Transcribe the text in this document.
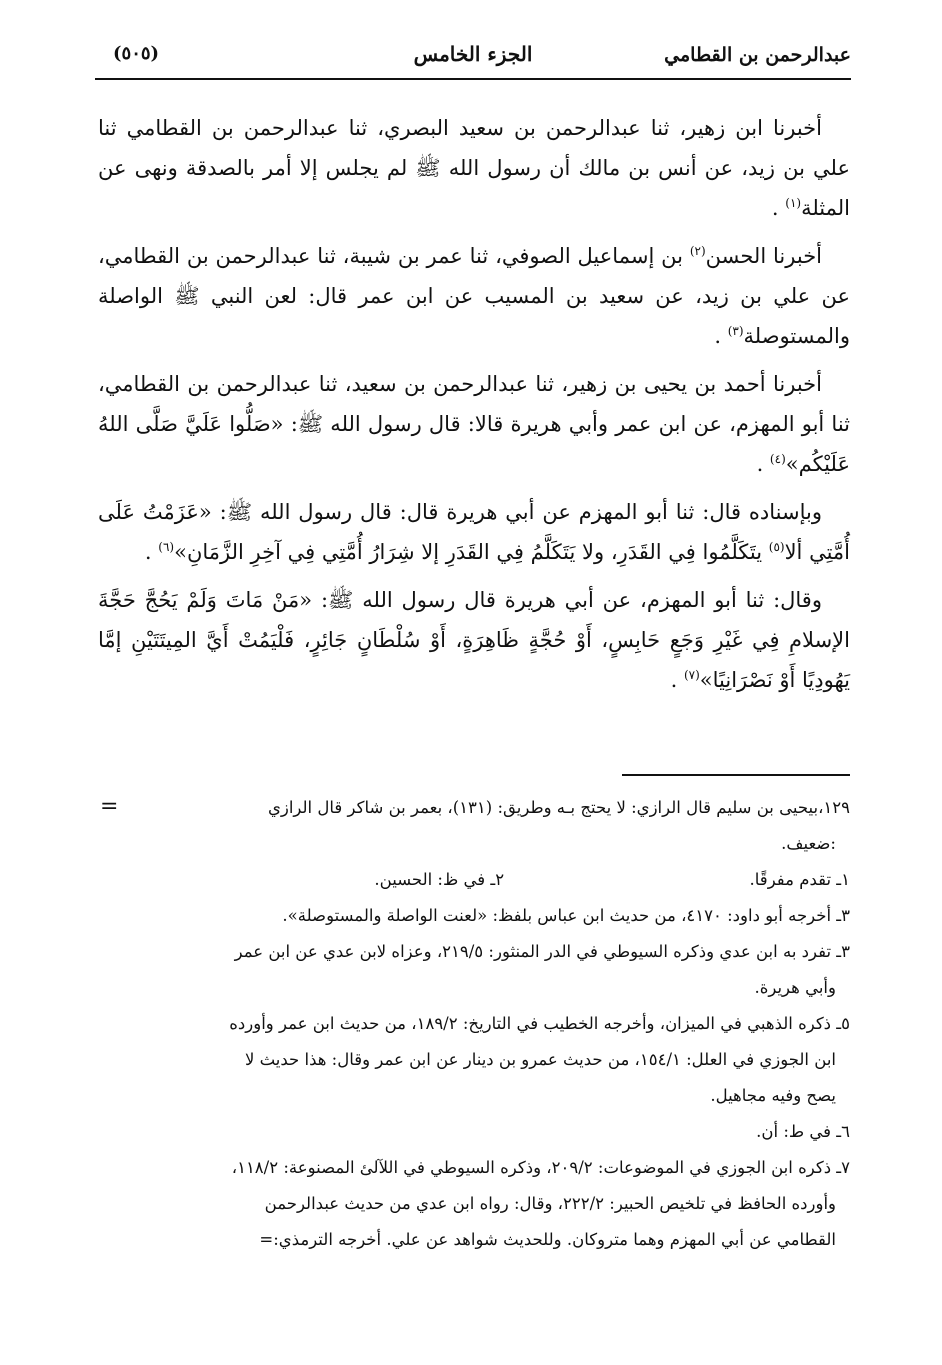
عبدالرحمن بن القطامي
الجزء الخامس
(٥٠٥)

أخبرنا ابن زهير، ثنا عبدالرحمن بن سعيد البصري، ثنا عبدالرحمن بن القطامي ثنا علي بن زيد، عن أنس بن مالك أن رسول الله ﷺ لم يجلس إلا أمر بالصدقة ونهى عن المثلة$^{(١)}$ .

أخبرنا الحسن$^{(٢)}$ بن إسماعيل الصوفي، ثنا عمر بن شيبة، ثنا عبدالرحمن بن القطامي، عن علي بن زيد، عن سعيد بن المسيب عن ابن عمر قال: لعن النبي ﷺ الواصلة والمستوصلة$^{(٣)}$ .

أخبرنا أحمد بن يحيى بن زهير، ثنا عبدالرحمن بن سعيد، ثنا عبدالرحمن بن القطامي، ثنا أبو المهزم، عن ابن عمر وأبي هريرة قالا: قال رسول الله ﷺ: «صَلُّوا عَلَيَّ صَلَّى اللهُ عَلَيْكُم»$^{(٤)}$ .

وبإسناده قال: ثنا أبو المهزم عن أبي هريرة قال: قال رسول الله ﷺ: «عَزَمْتُ عَلَى أُمَّتِي ألا$^{(٥)}$ يتَكَلَّمُوا فِي القَدَرِ، ولا يَتَكَلَّمُ فِي القَدَرِ إلا شِرَارُ أُمَّتِي فِي آخِرِ الزَّمَانِ»$^{(٦)}$ .

وقال: ثنا أبو المهزم، عن أبي هريرة قال رسول الله ﷺ: «مَنْ مَاتَ وَلَمْ يَحُجَّ حَجَّةَ الإسلامِ فِي غَيْرِ وَجَعٍ حَابِسٍ، أَوْ حُجَّةٍ ظَاهِرَةٍ، أَوْ سُلْطَانٍ جَائِرٍ، فَلْيَمُتْ أَيَّ المِيتَتَيْنِ إمَّا يَهُودِيًا أَوْ نَصْرَانِيًا»$^{(٧)}$ .

=	١٢٩،بيحيى بن سليم قال الرازي: لا يحتج بـه وطريق: (١٣١)، بعمر بن شاكر قال الرازي
:ضعيف.
١ـ تقدم مفرقًا.
٢ـ في ظ: الحسين.
٣ـ أخرجه أبو داود: ٤١٧٠، من حديث ابن عباس بلفظ: «لعنت الواصلة والمستوصلة».
٣ـ تفرد به ابن عدي وذكره السيوطي في الدر المنثور: ٢١٩/٥، وعزاه لابن عدي عن ابن عمر
وأبي هريرة.
٥ـ ذكره الذهبي في الميزان، وأخرجه الخطيب في التاريخ: ١٨٩/٢، من حديث ابن عمر وأورده
ابن الجوزي في العلل: ١٥٤/١، من حديث عمرو بن دينار عن ابن عمر وقال: هذا حديث لا
يصح وفيه مجاهيل.
٦ـ في ط: أن.
٧ـ ذكره ابن الجوزي في الموضوعات: ٢٠٩/٢، وذكره السيوطي في اللآلئ المصنوعة: ١١٨/٢،
وأورده الحافظ في تلخيص الحبير: ٢٢٢/٢، وقال: رواه ابن عدي من حديث عبدالرحمن
القطامي عن أبي المهزم وهما متروكان. وللحديث شواهد عن علي. أخرجه الترمذي:=
